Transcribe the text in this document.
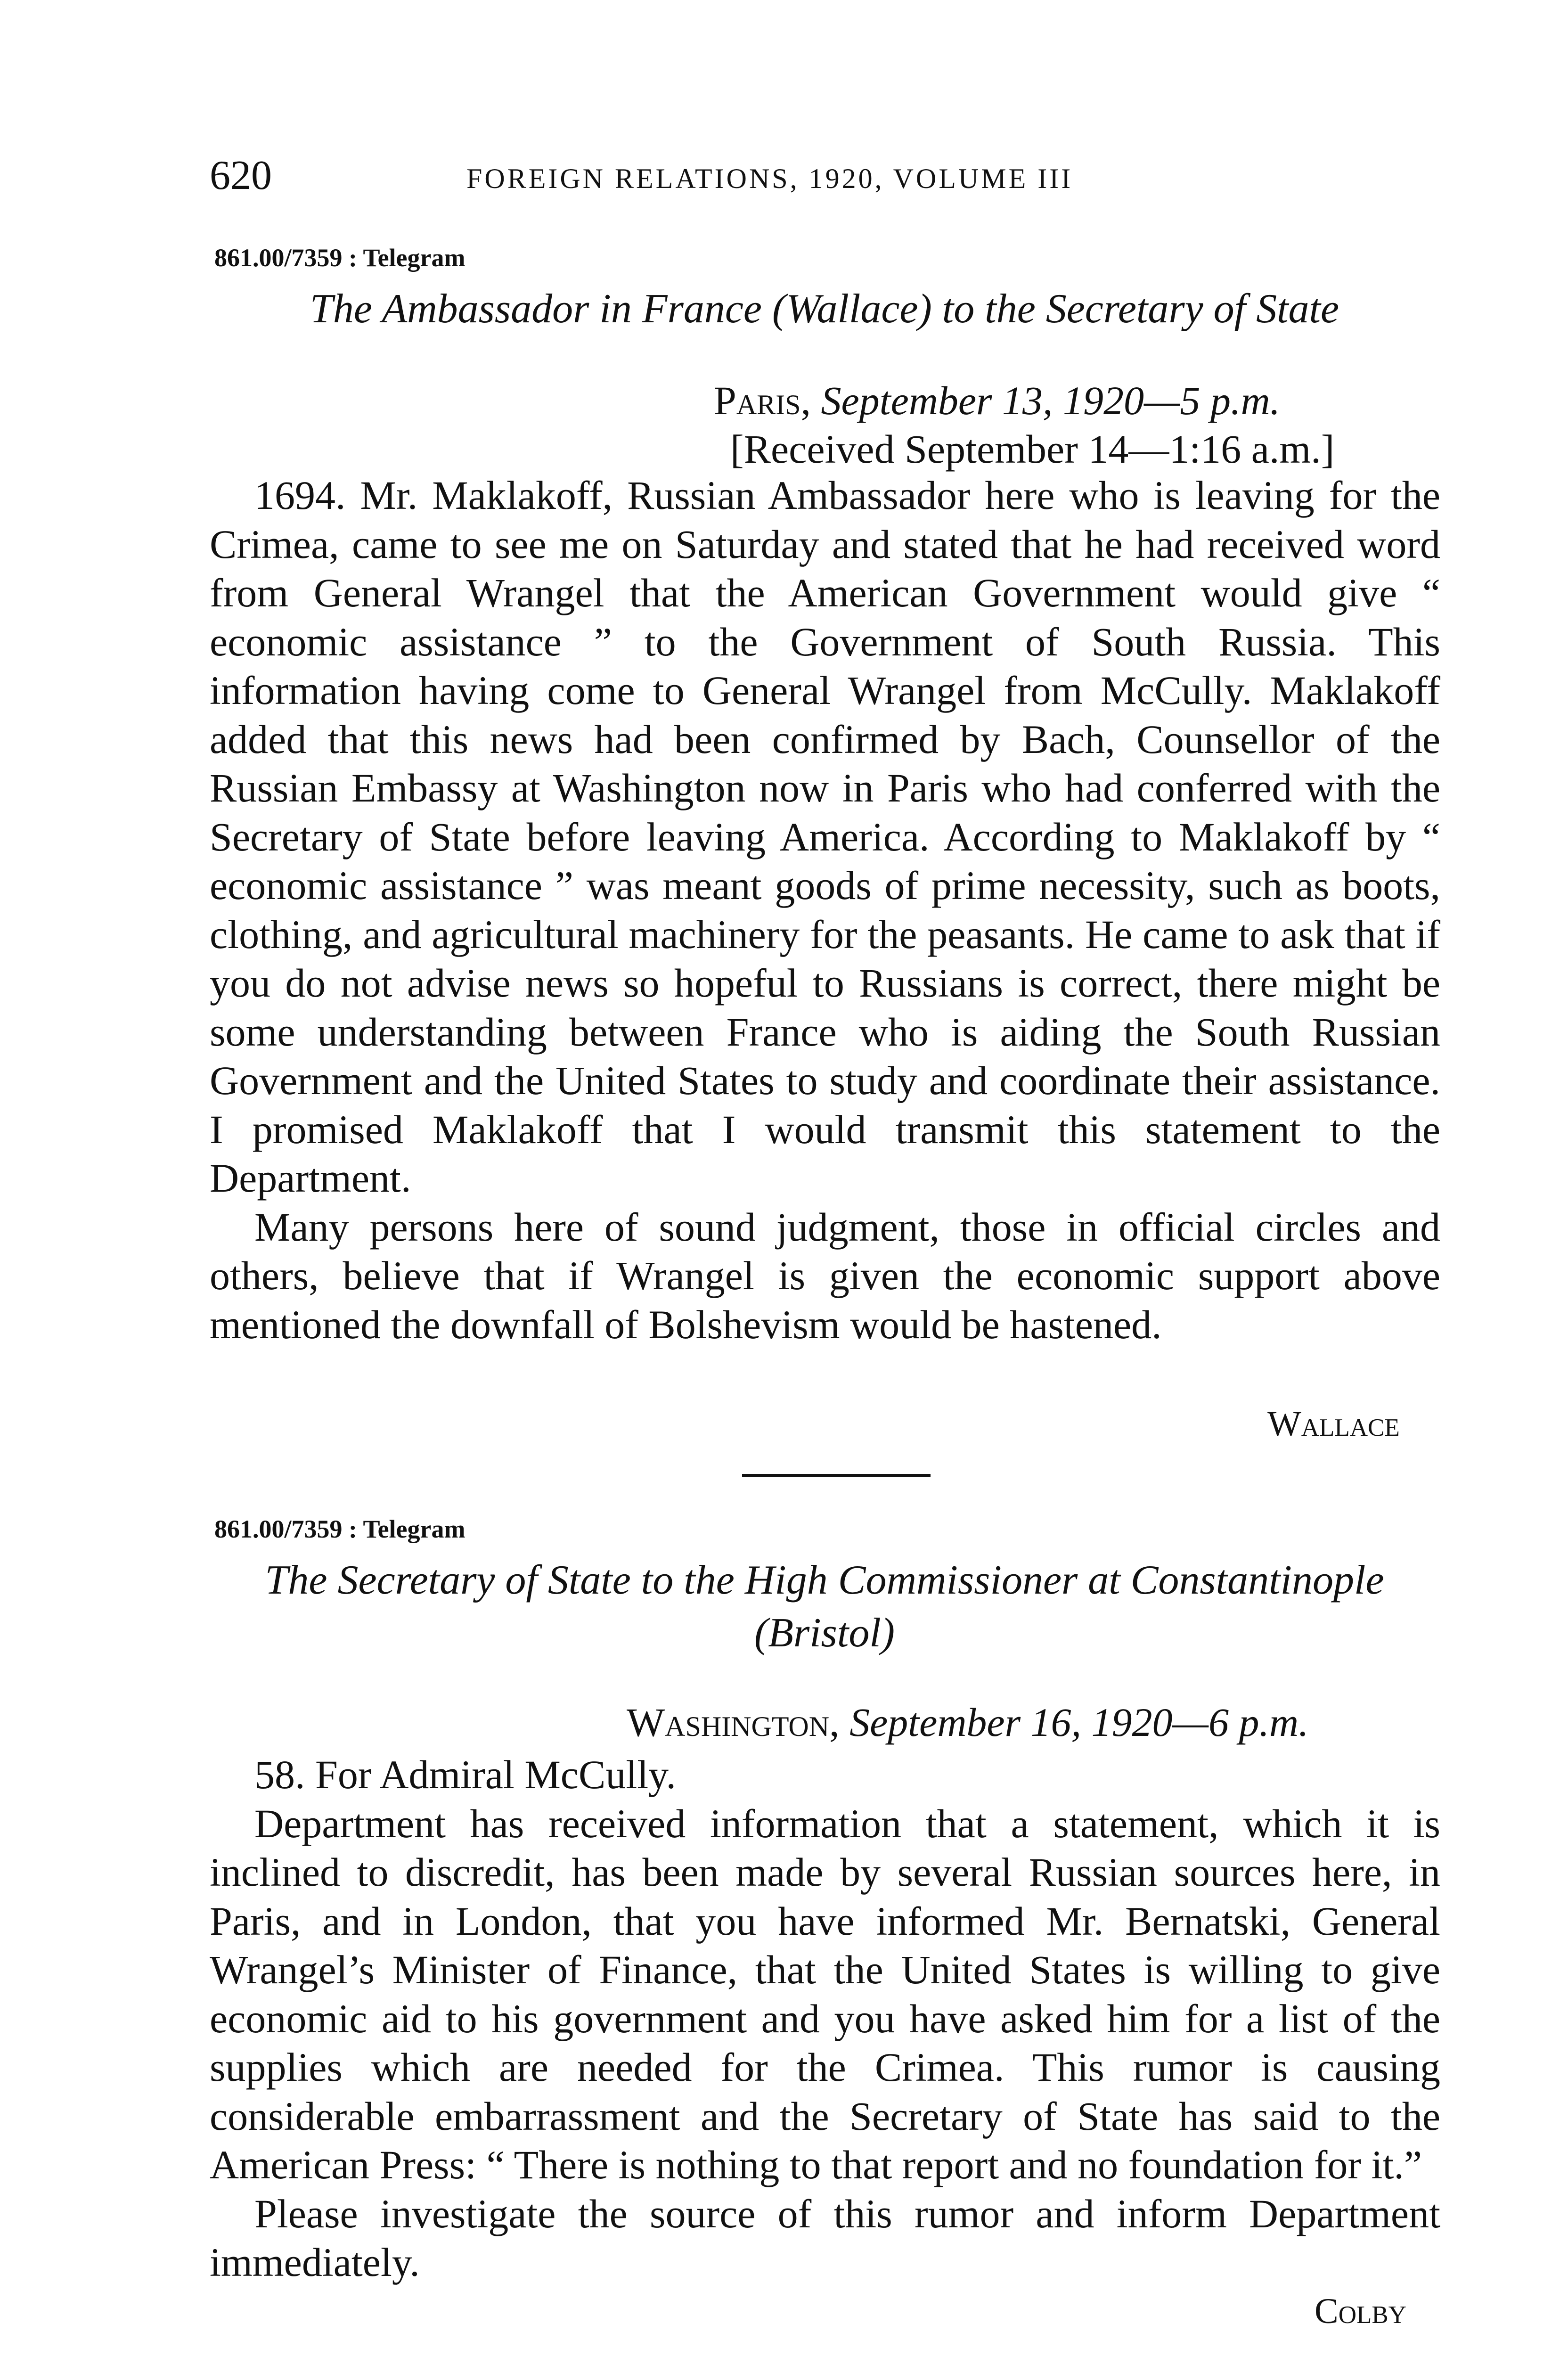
620	FOREIGN RELATIONS, 1920, VOLUME III
861.00/7359 : Telegram
The Ambassador in France (Wallace) to the Secretary of State
Paris, September 13, 1920—5 p.m.
[Received September 14—1:16 a.m.]

1694. Mr. Maklakoff, Russian Ambassador here who is leaving for the Crimea, came to see me on Saturday and stated that he had received word from General Wrangel that the American Government would give “ economic assistance ” to the Government of South Russia. This information having come to General Wrangel from McCully. Maklakoff added that this news had been confirmed by Bach, Counsellor of the Russian Embassy at Washington now in Paris who had conferred with the Secretary of State before leaving America. According to Maklakoff by “ economic assistance ” was meant goods of prime necessity, such as boots, clothing, and agricultural machinery for the peasants. He came to ask that if you do not advise news so hopeful to Russians is correct, there might be some understanding between France who is aiding the South Russian Government and the United States to study and coordinate their assistance. I promised Maklakoff that I would transmit this statement to the Department.

Many persons here of sound judgment, those in official circles and others, believe that if Wrangel is given the economic support above mentioned the downfall of Bolshevism would be hastened.

Wallace
861.00/7359 : Telegram
The Secretary of State to the High Commissioner at Constantinople
(Bristol)
Washington, September 16, 1920—6 p.m.

58. For Admiral McCully.

Department has received information that a statement, which it is inclined to discredit, has been made by several Russian sources here, in Paris, and in London, that you have informed Mr. Bernatski, General Wrangel’s Minister of Finance, that the United States is willing to give economic aid to his government and you have asked him for a list of the supplies which are needed for the Crimea. This rumor is causing considerable embarrassment and the Secretary of State has said to the American Press: “ There is nothing to that report and no foundation for it.”

Please investigate the source of this rumor and inform Department immediately.

Colby
